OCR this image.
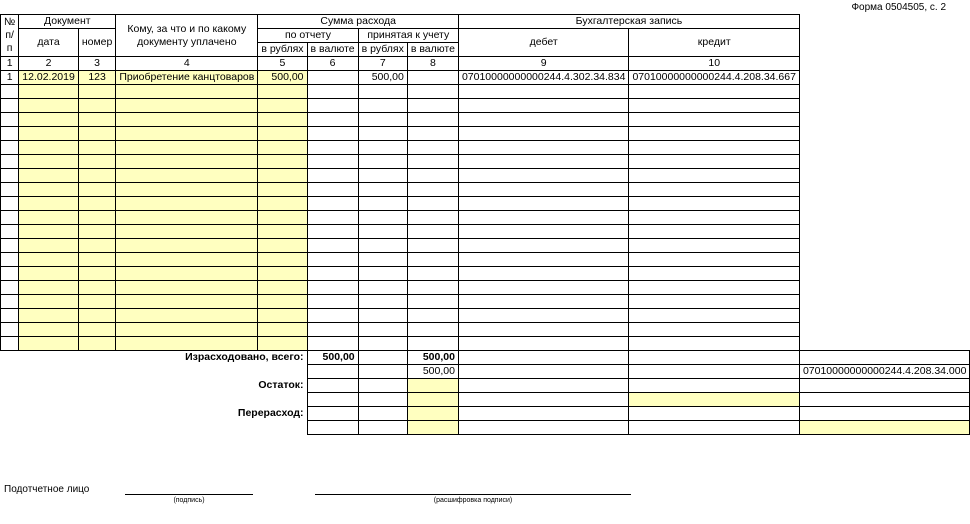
Форма 0504505, с. 2
№ п/п	Документ		Кому, за что и по какому документу уплачено	Сумма расхода				Бухгалтерская запись		
	дата	номер		по отчету		принятая к учету		дебет	кредит	
				в рублях	в валюте	в рублях	в валюте			
1	2	3	4	5	6	7	8	9	10	
1	12.02.2019	123	Приобретение канцтоваров	500,00		500,00		07010000000000244.4.302.34.834	07010000000000244.4.208.34.667	

Израсходовано, всего:					500,00		500,00			
							500,00			07010000000000244.4.208.34.000
Остаток:										

Перерасход:										

Подотчетное лицо
(подпись)	(расшифровка подписи)
